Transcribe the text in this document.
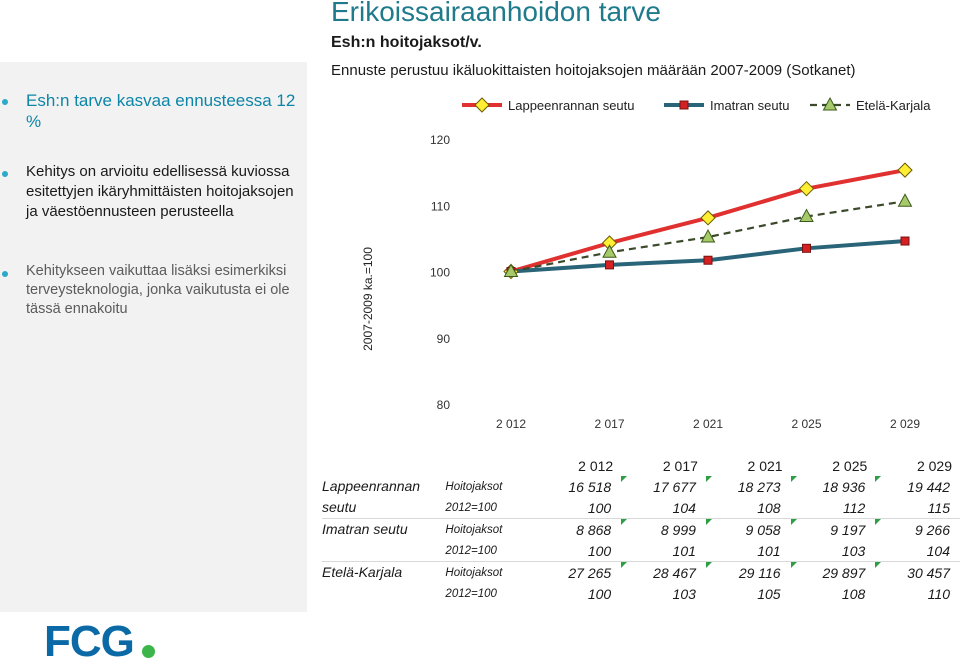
Esh:n tarve kasvaa ennusteessa 12 %
Kehitys on arvioitu edellisessä kuviossa esitettyjen ikäryhmittäisten hoitojaksojen ja väestöennusteen perusteella
Kehitykseen vaikuttaa lisäksi esimerkiksi terveysteknologia, jonka vaikutusta ei ole tässä ennakoitu
Erikoissairaanhoidon tarve
Esh:n hoitojaksot/v.
Ennuste perustuu ikäluokittaisten hoitojaksojen määrään 2007-2009 (Sotkanet)
80
90
100
110
120
2 012	2 017	2 021	2 025	2 029
2007-2009 ka.=100
Lappeenrannan seutu	Imatran seutu	Etelä-Karjala
		2 012	2 017	2 021	2 025	2 029
Lappeenrannan seutu	Hoitojaksot	16 518	17 677	18 273	18 936	19 442
	2012=100	100	104	108	112	115
Imatran seutu	Hoitojaksot	8 868	8 999	9 058	9 197	9 266
	2012=100	100	101	101	103	104
Etelä-Karjala	Hoitojaksot	27 265	28 467	29 116	29 897	30 457
	2012=100	100	103	105	108	110
FCG
